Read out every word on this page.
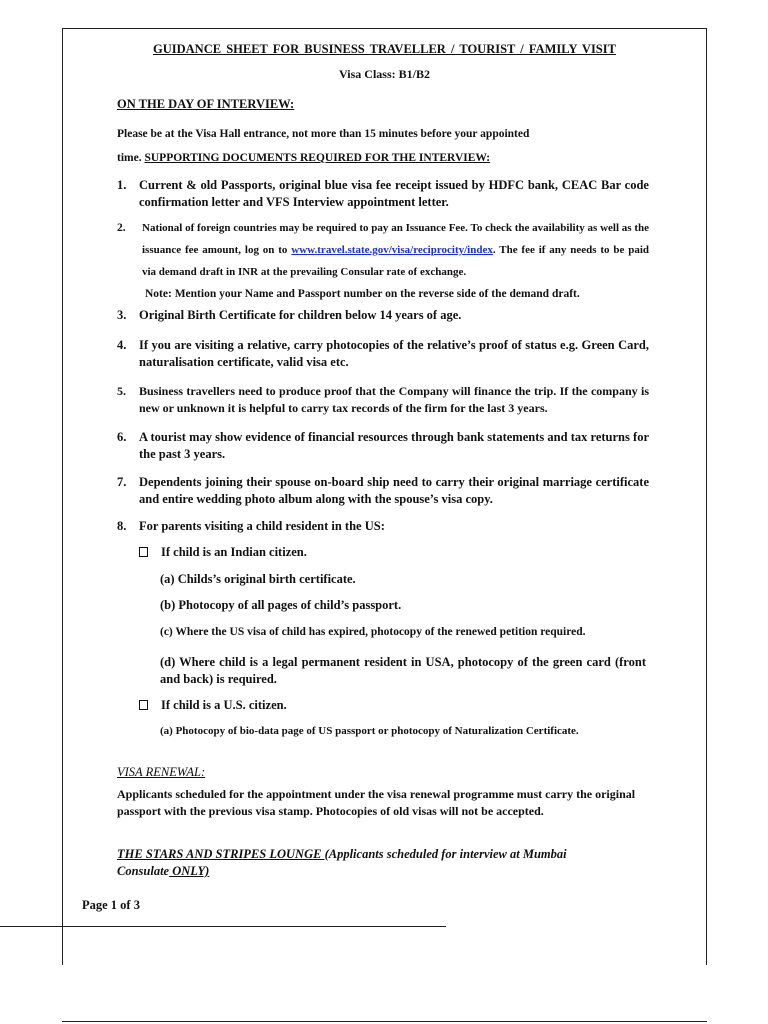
GUIDANCE SHEET FOR BUSINESS TRAVELLER / TOURIST / FAMILY VISIT
Visa Class: B1/B2
ON THE DAY OF INTERVIEW:
Please be at the Visa Hall entrance, not more than 15 minutes before your appointed
time. SUPPORTING DOCUMENTS REQUIRED FOR THE INTERVIEW:
1. Current & old Passports, original blue visa fee receipt issued by HDFC bank, CEAC Bar code confirmation letter and VFS Interview appointment letter.
2. National of foreign countries may be required to pay an Issuance Fee. To check the availability as well as the issuance fee amount, log on to www.travel.state.gov/visa/reciprocity/index. The fee if any needs to be paid via demand draft in INR at the prevailing Consular rate of exchange.
Note: Mention your Name and Passport number on the reverse side of the demand draft.
3. Original Birth Certificate for children below 14 years of age.
4. If you are visiting a relative, carry photocopies of the relative’s proof of status e.g. Green Card, naturalisation certificate, valid visa etc.
5. Business travellers need to produce proof that the Company will finance the trip. If the company is new or unknown it is helpful to carry tax records of the firm for the last 3 years.
6. A tourist may show evidence of financial resources through bank statements and tax returns for the past 3 years.
7. Dependents joining their spouse on-board ship need to carry their original marriage certificate and entire wedding photo album along with the spouse’s visa copy.
8. For parents visiting a child resident in the US:
If child is an Indian citizen.
(a) Childs’s original birth certificate.
(b) Photocopy of all pages of child’s passport.
(c) Where the US visa of child has expired, photocopy of the renewed petition required.
(d) Where child is a legal permanent resident in USA, photocopy of the green card (front and back) is required.
If child is a U.S. citizen.
(a) Photocopy of bio-data page of US passport or photocopy of Naturalization Certificate.
VISA RENEWAL:
Applicants scheduled for the appointment under the visa renewal programme must carry the original passport with the previous visa stamp. Photocopies of old visas will not be accepted.
THE STARS AND STRIPES LOUNGE (Applicants scheduled for interview at Mumbai Consulate ONLY)
Page 1 of 3
